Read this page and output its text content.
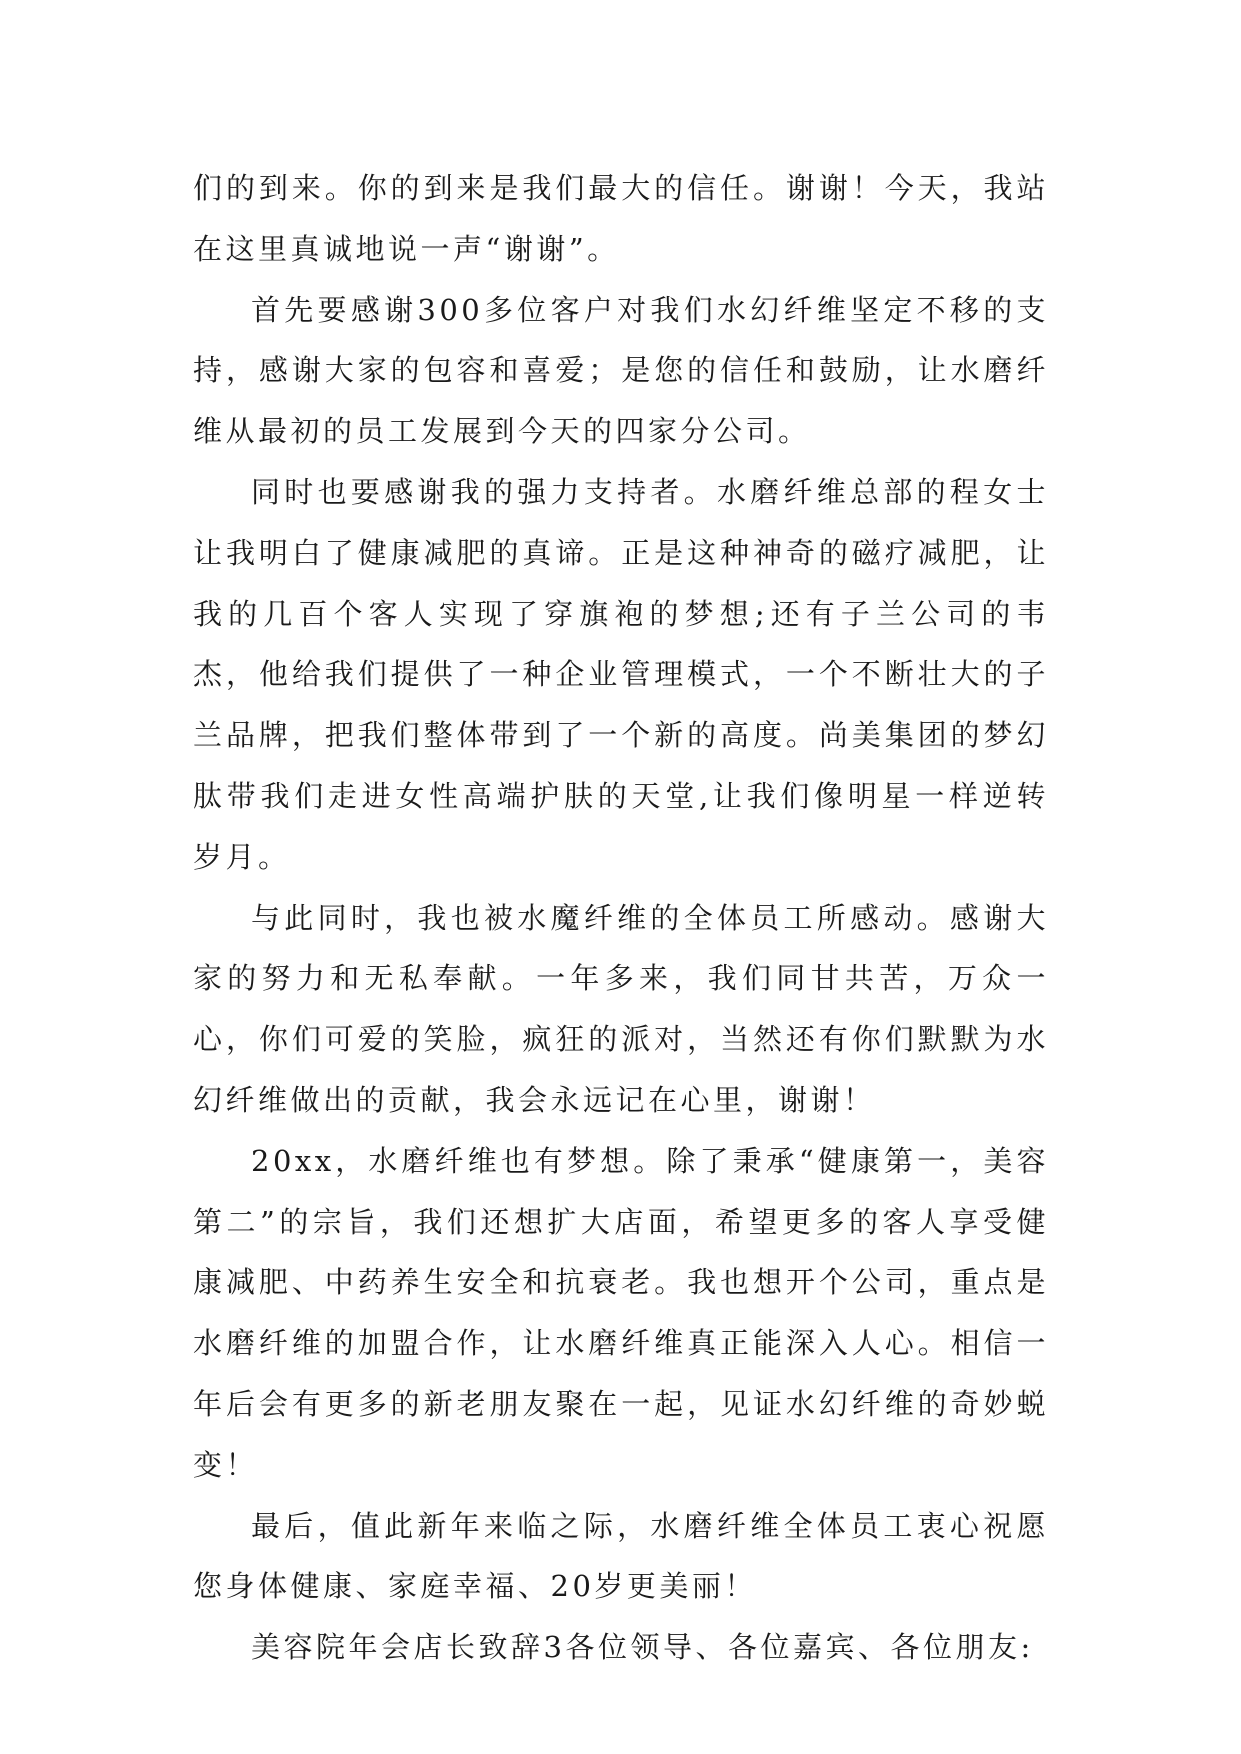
们的到来。你的到来是我们最大的信任。谢谢！今天，我站在这里真诚地说一声“谢谢”。

首先要感谢300多位客户对我们水幻纤维坚定不移的支持，感谢大家的包容和喜爱；是您的信任和鼓励，让水磨纤维从最初的员工发展到今天的四家分公司。

同时也要感谢我的强力支持者。水磨纤维总部的程女士让我明白了健康减肥的真谛。正是这种神奇的磁疗减肥，让我的几百个客人实现了穿旗袍的梦想;还有子兰公司的韦杰，他给我们提供了一种企业管理模式，一个不断壮大的子兰品牌，把我们整体带到了一个新的高度。尚美集团的梦幻肽带我们走进女性高端护肤的天堂,让我们像明星一样逆转岁月。

与此同时，我也被水魔纤维的全体员工所感动。感谢大家的努力和无私奉献。一年多来，我们同甘共苦，万众一心，你们可爱的笑脸，疯狂的派对，当然还有你们默默为水幻纤维做出的贡献，我会永远记在心里，谢谢！

20xx，水磨纤维也有梦想。除了秉承“健康第一，美容第二”的宗旨，我们还想扩大店面，希望更多的客人享受健康减肥、中药养生安全和抗衰老。我也想开个公司，重点是水磨纤维的加盟合作，让水磨纤维真正能深入人心。相信一年后会有更多的新老朋友聚在一起，见证水幻纤维的奇妙蜕变！

最后，值此新年来临之际，水磨纤维全体员工衷心祝愿您身体健康、家庭幸福、20岁更美丽！

美容院年会店长致辞3各位领导、各位嘉宾、各位朋友:
